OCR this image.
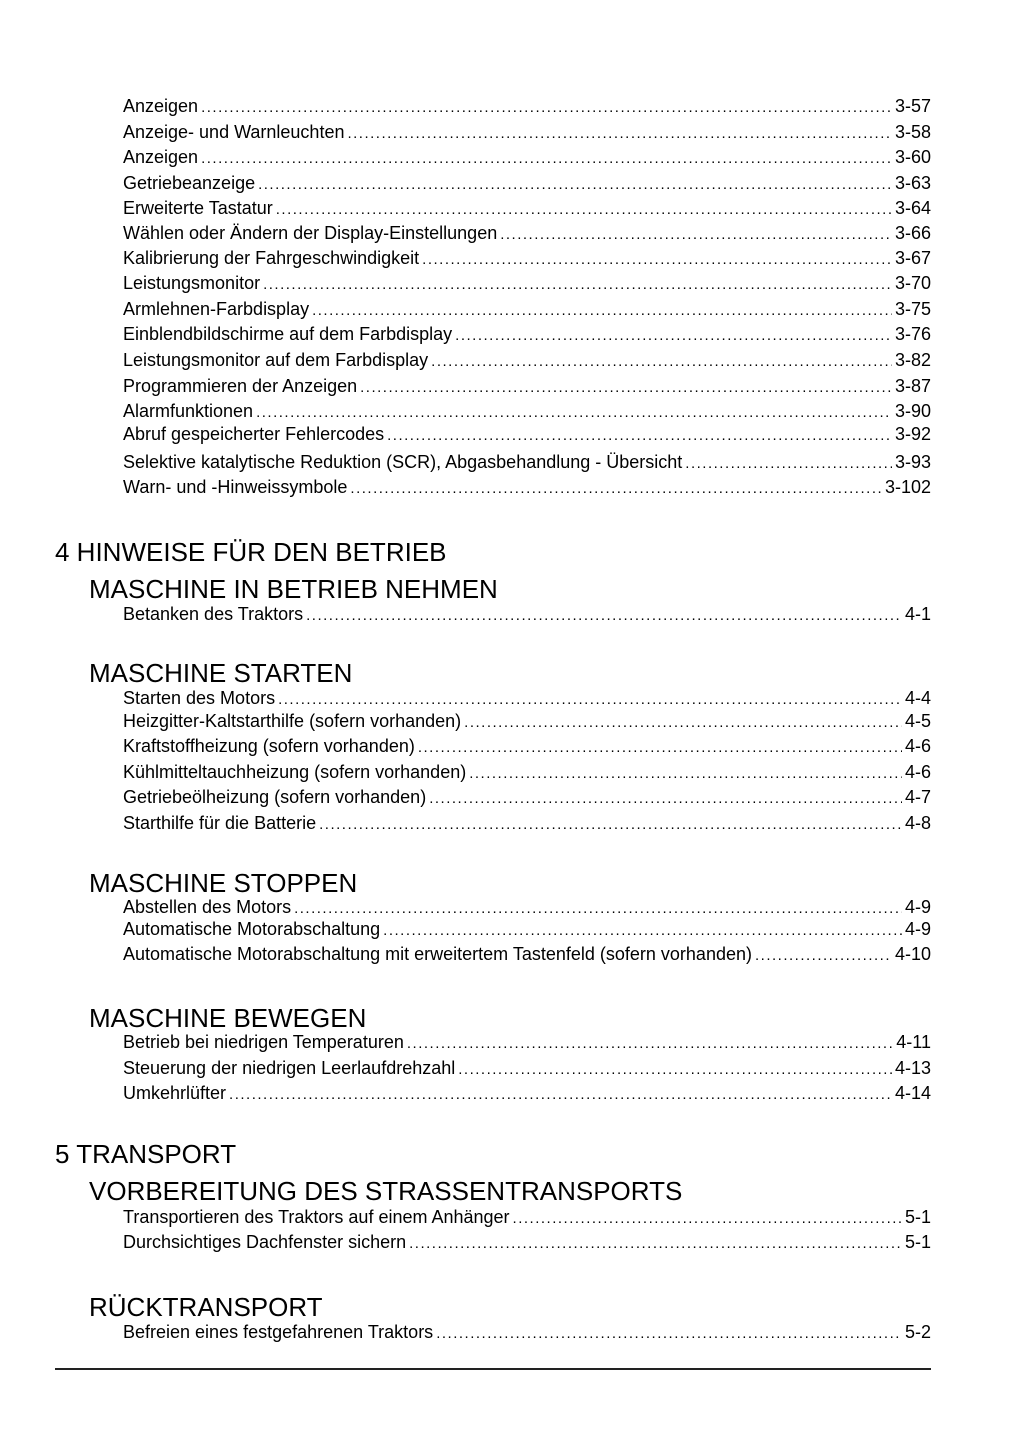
Anzeigen .....	3-57
Anzeige- und Warnleuchten .....	3-58
Anzeigen .....	3-60
Getriebeanzeige .....	3-63
Erweiterte Tastatur .....	3-64
Wählen oder Ändern der Display-Einstellungen .....	3-66
Kalibrierung der Fahrgeschwindigkeit .....	3-67
Leistungsmonitor .....	3-70
Armlehnen-Farbdisplay .....	3-75
Einblendbildschirme auf dem Farbdisplay .....	3-76
Leistungsmonitor auf dem Farbdisplay .....	3-82
Programmieren der Anzeigen .....	3-87
Alarmfunktionen .....	3-90
Abruf gespeicherter Fehlercodes .....	3-92
Selektive katalytische Reduktion (SCR), Abgasbehandlung - Übersicht .....	3-93
Warn- und -Hinweissymbole .....	3-102
4 HINWEISE FÜR DEN BETRIEB
MASCHINE IN BETRIEB NEHMEN
Betanken des Traktors .....	4-1
MASCHINE STARTEN
Starten des Motors .....	4-4
Heizgitter-Kaltstarthilfe (sofern vorhanden) .....	4-5
Kraftstoffheizung (sofern vorhanden) .....	4-6
Kühlmitteltauchheizung (sofern vorhanden) .....	4-6
Getriebeölheizung (sofern vorhanden) .....	4-7
Starthilfe für die Batterie .....	4-8
MASCHINE STOPPEN
Abstellen des Motors .....	4-9
Automatische Motorabschaltung .....	4-9
Automatische Motorabschaltung mit erweitertem Tastenfeld (sofern vorhanden) .....	4-10
MASCHINE BEWEGEN
Betrieb bei niedrigen Temperaturen .....	4-11
Steuerung der niedrigen Leerlaufdrehzahl .....	4-13
Umkehrlüfter .....	4-14
5 TRANSPORT
VORBEREITUNG DES STRASSENTRANSPORTS
Transportieren des Traktors auf einem Anhänger .....	5-1
Durchsichtiges Dachfenster sichern .....	5-1
RÜCKTRANSPORT
Befreien eines festgefahrenen Traktors .....	5-2
